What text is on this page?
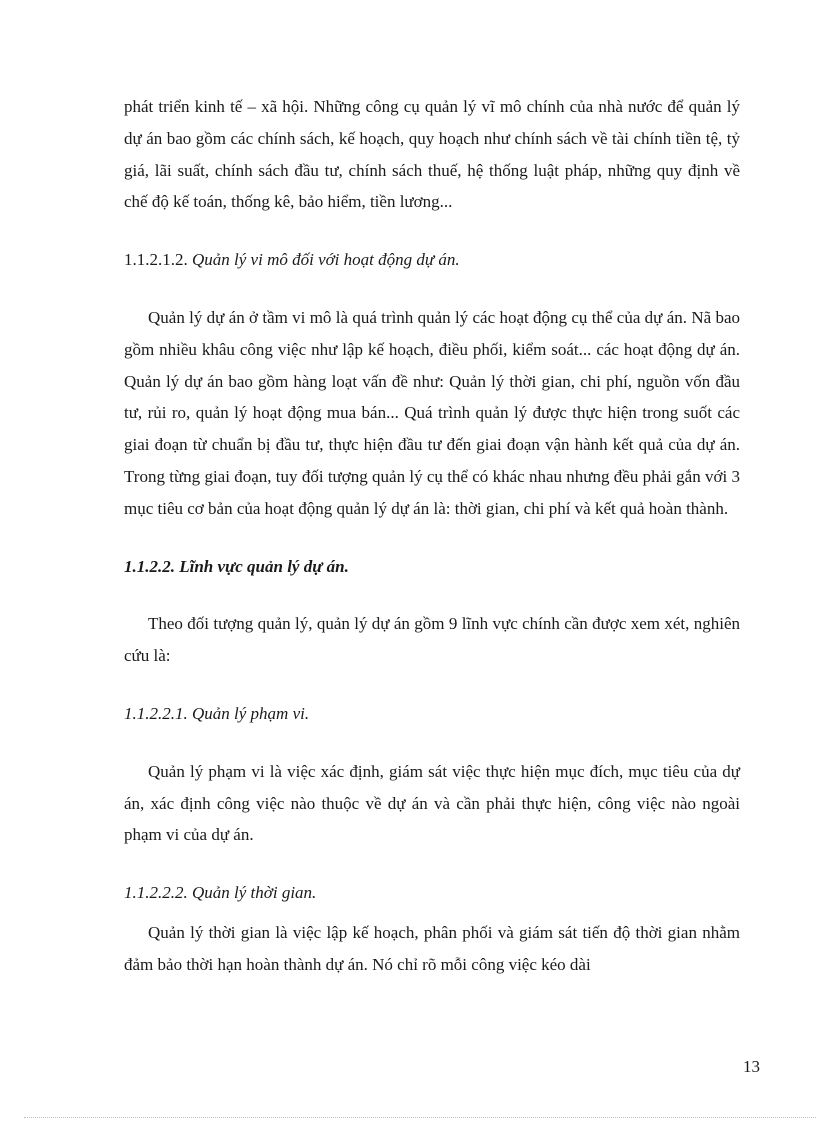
phát triển kinh tế – xã hội. Những công cụ quản lý vĩ mô chính của nhà nước để quản lý dự án bao gồm các chính sách, kế hoạch, quy hoạch như chính sách về tài chính tiền tệ, tỷ giá, lãi suất, chính sách đầu tư, chính sách thuế, hệ thống luật pháp, những quy định về chế độ kế toán, thống kê, bảo hiểm, tiền lương...

1.1.2.1.2. Quản lý vi mô đối với hoạt động dự án.

Quản lý dự án ở tầm vi mô là quá trình quản lý các hoạt động cụ thể của dự án. Nã bao gồm nhiều khâu công việc như lập kế hoạch, điều phối, kiểm soát... các hoạt động dự án. Quản lý dự án bao gồm hàng loạt vấn đề như: Quản lý thời gian, chi phí, nguồn vốn đầu tư, rủi ro, quản lý hoạt động mua bán... Quá trình quản lý được thực hiện trong suốt các giai đoạn từ chuẩn bị đầu tư, thực hiện đầu tư đến giai đoạn vận hành kết quả của dự án. Trong từng giai đoạn, tuy đối tượng quản lý cụ thể có khác nhau nhưng đều phải gắn với 3 mục tiêu cơ bản của hoạt động quản lý dự án là: thời gian, chi phí và kết quả hoàn thành.

1.1.2.2. Lĩnh vực quản lý dự án.

Theo đối tượng quản lý, quản lý dự án gồm 9 lĩnh vực chính cần được xem xét, nghiên cứu là:

1.1.2.2.1. Quản lý phạm vi.

Quản lý phạm vi là việc xác định, giám sát việc thực hiện mục đích, mục tiêu của dự án, xác định công việc nào thuộc về dự án và cần phải thực hiện, công việc nào ngoài phạm vi của dự án.

1.1.2.2.2. Quản lý thời gian.

Quản lý thời gian là việc lập kế hoạch, phân phối và giám sát tiến độ thời gian nhằm đảm bảo thời hạn hoàn thành dự án. Nó chỉ rõ mỗi công việc kéo dài

13
